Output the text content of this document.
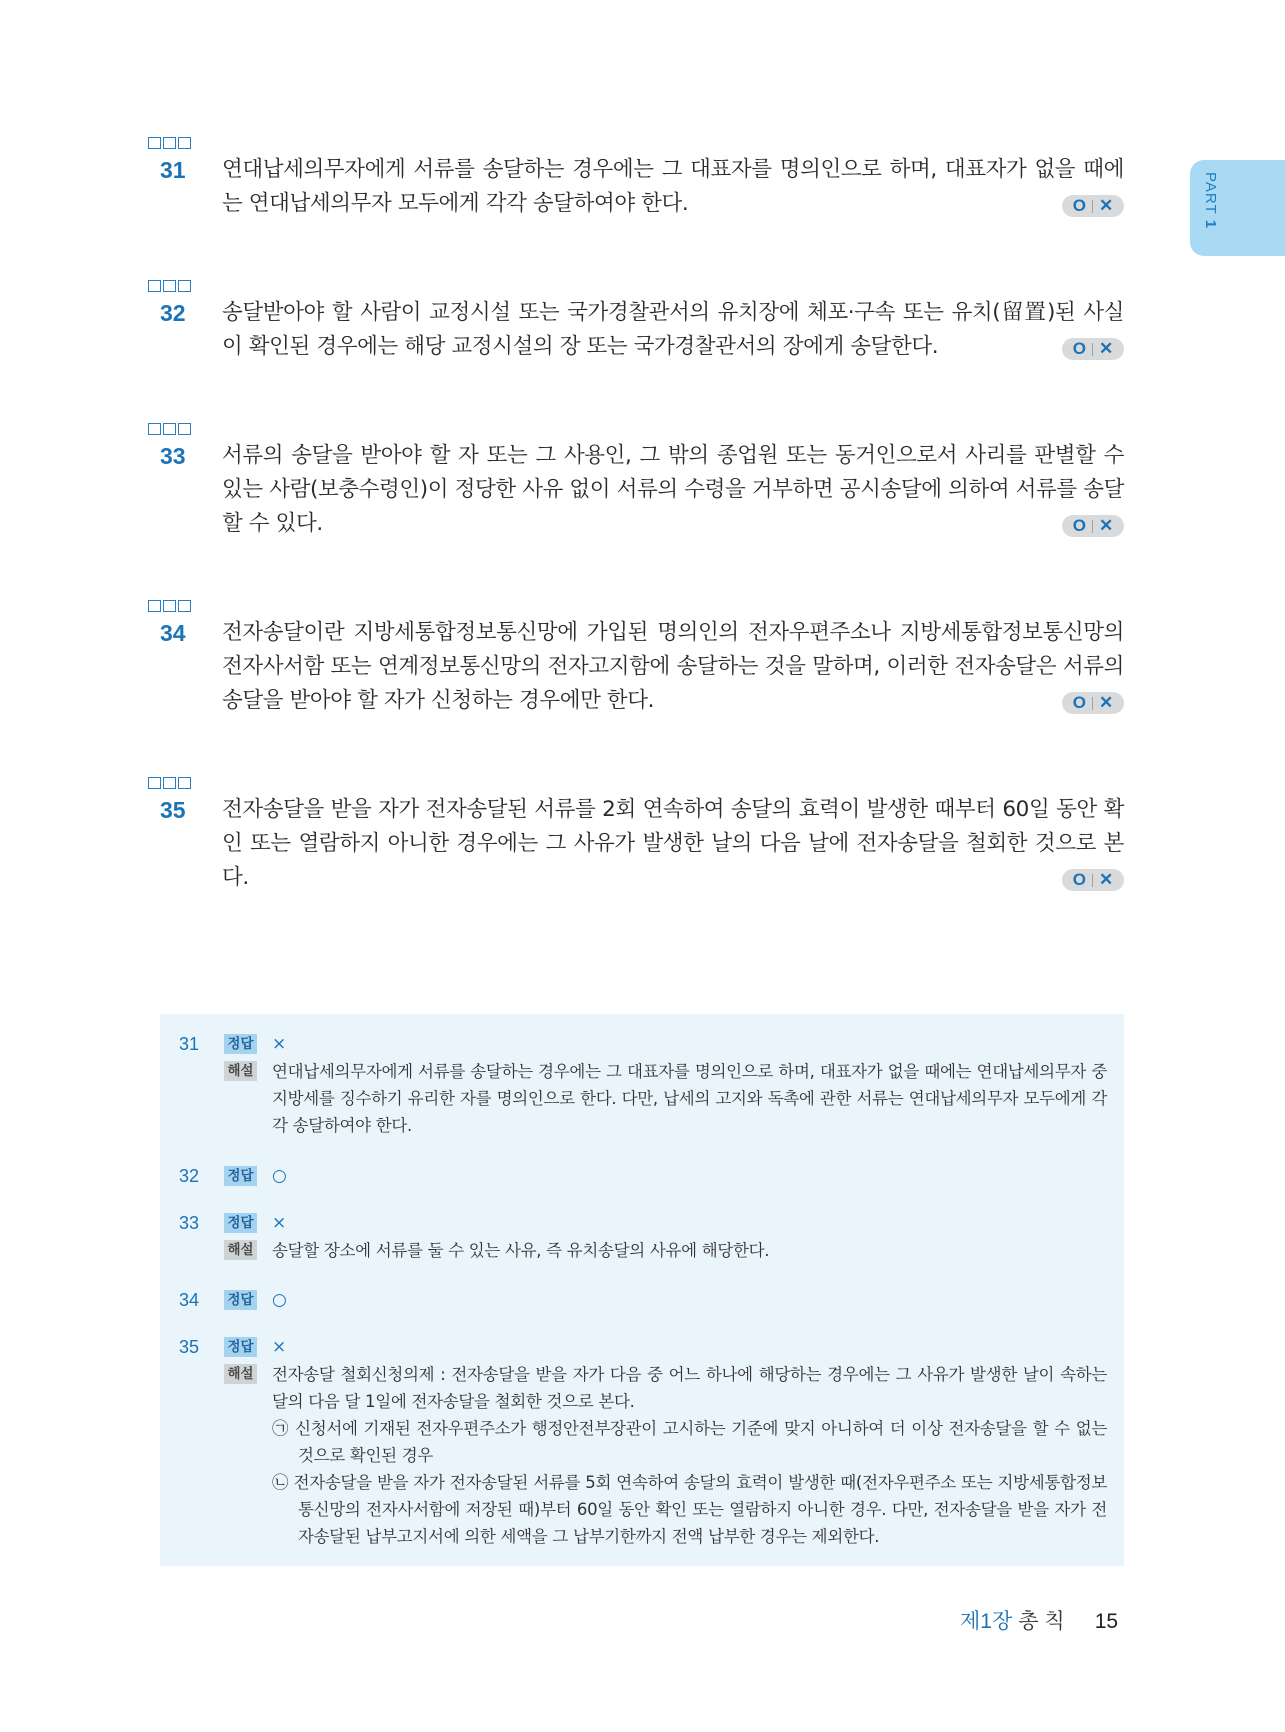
PART 1
31 연대납세의무자에게 서류를 송달하는 경우에는 그 대표자를 명의인으로 하며, 대표자가 없을 때에는 연대납세의무자 모두에게 각각 송달하여야 한다.	O ✕
32 송달받아야 할 사람이 교정시설 또는 국가경찰관서의 유치장에 체포·구속 또는 유치(留置)된 사실이 확인된 경우에는 해당 교정시설의 장 또는 국가경찰관서의 장에게 송달한다.	O ✕
33 서류의 송달을 받아야 할 자 또는 그 사용인, 그 밖의 종업원 또는 동거인으로서 사리를 판별할 수 있는 사람(보충수령인)이 정당한 사유 없이 서류의 수령을 거부하면 공시송달에 의하여 서류를 송달할 수 있다.	O ✕
34 전자송달이란 지방세통합정보통신망에 가입된 명의인의 전자우편주소나 지방세통합정보통신망의 전자사서함 또는 연계정보통신망의 전자고지함에 송달하는 것을 말하며, 이러한 전자송달은 서류의 송달을 받아야 할 자가 신청하는 경우에만 한다.	O ✕
35 전자송달을 받을 자가 전자송달된 서류를 2회 연속하여 송달의 효력이 발생한 때부터 60일 동안 확인 또는 열람하지 아니한 경우에는 그 사유가 발생한 날의 다음 날에 전자송달을 철회한 것으로 본다.	O ✕
31 정답 ×
해설 연대납세의무자에게 서류를 송달하는 경우에는 그 대표자를 명의인으로 하며, 대표자가 없을 때에는 연대납세의무자 중 지방세를 징수하기 유리한 자를 명의인으로 한다. 다만, 납세의 고지와 독촉에 관한 서류는 연대납세의무자 모두에게 각각 송달하여야 한다.
32 정답 ○
33 정답 ×
해설 송달할 장소에 서류를 둘 수 있는 사유, 즉 유치송달의 사유에 해당한다.
34 정답 ○
35 정답 ×
해설 전자송달 철회신청의제 : 전자송달을 받을 자가 다음 중 어느 하나에 해당하는 경우에는 그 사유가 발생한 날이 속하는 달의 다음 달 1일에 전자송달을 철회한 것으로 본다.
㉠ 신청서에 기재된 전자우편주소가 행정안전부장관이 고시하는 기준에 맞지 아니하여 더 이상 전자송달을 할 수 없는 것으로 확인된 경우
㉡ 전자송달을 받을 자가 전자송달된 서류를 5회 연속하여 송달의 효력이 발생한 때(전자우편주소 또는 지방세통합정보통신망의 전자사서함에 저장된 때)부터 60일 동안 확인 또는 열람하지 아니한 경우. 다만, 전자송달을 받을 자가 전자송달된 납부고지서에 의한 세액을 그 납부기한까지 전액 납부한 경우는 제외한다.
제1장 총 칙 15
